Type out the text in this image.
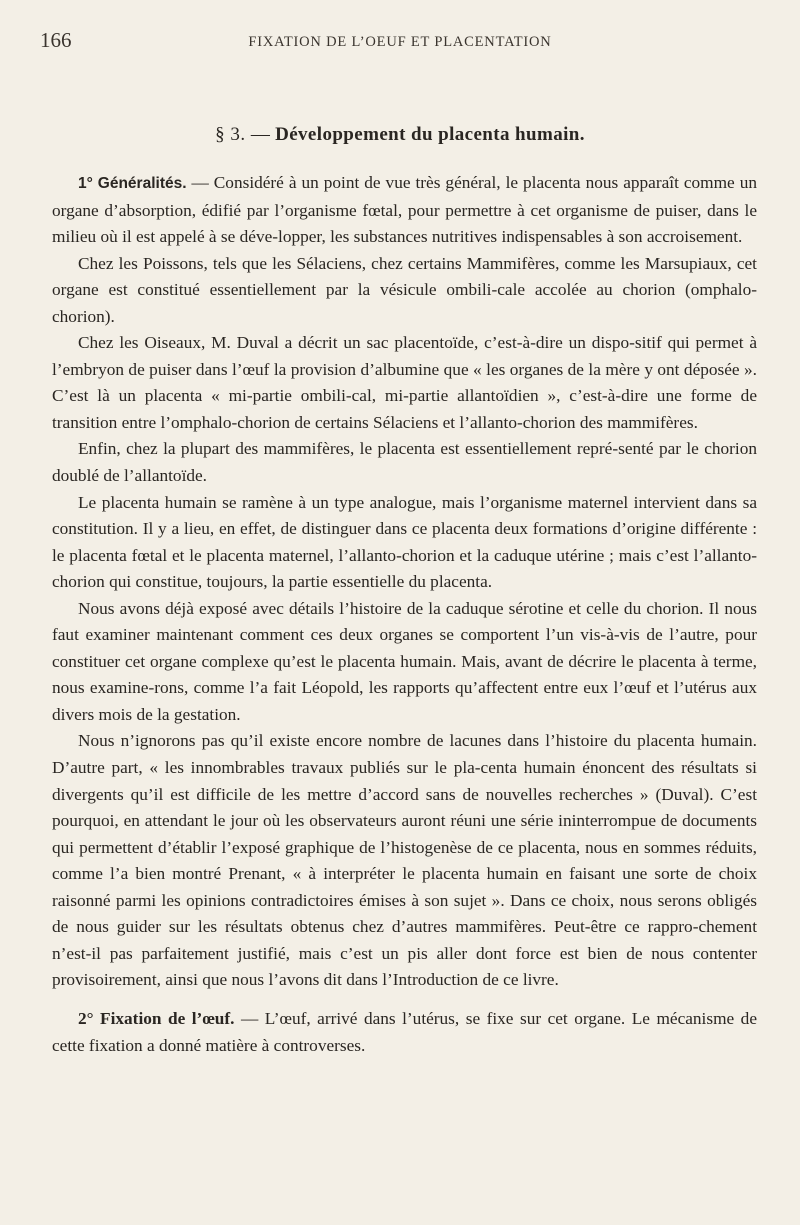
166	FIXATION DE L’OEUF ET PLACENTATION
§ 3. — Développement du placenta humain.

1° Généralités. — Considéré à un point de vue très général, le placenta nous apparaît comme un organe d’absorption, édifié par l’organisme fœtal, pour permettre à cet organisme de puiser, dans le milieu où il est appelé à se déve-lopper, les substances nutritives indispensables à son accroisement.

Chez les Poissons, tels que les Sélaciens, chez certains Mammifères, comme les Marsupiaux, cet organe est constitué essentiellement par la vésicule ombili-cale accolée au chorion (omphalo-chorion).

Chez les Oiseaux, M. Duval a décrit un sac placentoïde, c’est-à-dire un dispo-sitif qui permet à l’embryon de puiser dans l’œuf la provision d’albumine que « les organes de la mère y ont déposée ». C’est là un placenta « mi-partie ombili-cal, mi-partie allantoïdien », c’est-à-dire une forme de transition entre l’omphalo-chorion de certains Sélaciens et l’allanto-chorion des mammifères.

Enfin, chez la plupart des mammifères, le placenta est essentiellement repré-senté par le chorion doublé de l’allantoïde.

Le placenta humain se ramène à un type analogue, mais l’organisme maternel intervient dans sa constitution. Il y a lieu, en effet, de distinguer dans ce placenta deux formations d’origine différente : le placenta fœtal et le placenta maternel, l’allanto-chorion et la caduque utérine ; mais c’est l’allanto-chorion qui constitue, toujours, la partie essentielle du placenta.

Nous avons déjà exposé avec détails l’histoire de la caduque sérotine et celle du chorion. Il nous faut examiner maintenant comment ces deux organes se comportent l’un vis-à-vis de l’autre, pour constituer cet organe complexe qu’est le placenta humain. Mais, avant de décrire le placenta à terme, nous examine-rons, comme l’a fait Léopold, les rapports qu’affectent entre eux l’œuf et l’utérus aux divers mois de la gestation.

Nous n’ignorons pas qu’il existe encore nombre de lacunes dans l’histoire du placenta humain. D’autre part, « les innombrables travaux publiés sur le pla-centa humain énoncent des résultats si divergents qu’il est difficile de les mettre d’accord sans de nouvelles recherches » (Duval). C’est pourquoi, en attendant le jour où les observateurs auront réuni une série ininterrompue de documents qui permettent d’établir l’exposé graphique de l’histogenèse de ce placenta, nous en sommes réduits, comme l’a bien montré Prenant, « à interpréter le placenta humain en faisant une sorte de choix raisonné parmi les opinions contradictoires émises à son sujet ». Dans ce choix, nous serons obligés de nous guider sur les résultats obtenus chez d’autres mammifères. Peut-être ce rappro-chement n’est-il pas parfaitement justifié, mais c’est un pis aller dont force est bien de nous contenter provisoirement, ainsi que nous l’avons dit dans l’Introduction de ce livre.

2° Fixation de l’œuf. — L’œuf, arrivé dans l’utérus, se fixe sur cet organe. Le mécanisme de cette fixation a donné matière à controverses.
